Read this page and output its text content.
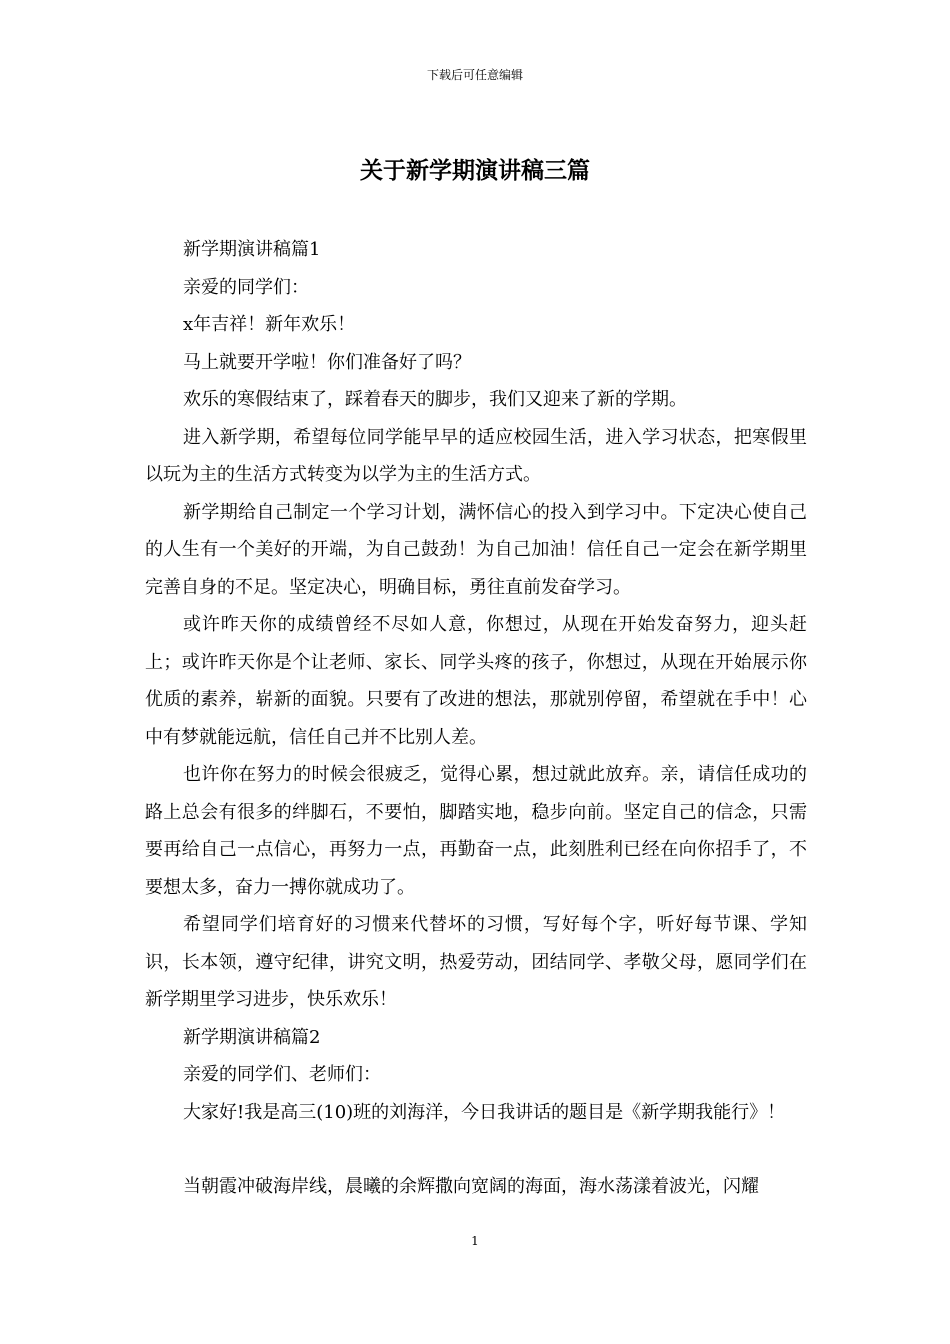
下载后可任意编辑
关于新学期演讲稿三篇

新学期演讲稿篇1

亲爱的同学们：

x年吉祥！新年欢乐！

马上就要开学啦！你们准备好了吗？

欢乐的寒假结束了，踩着春天的脚步，我们又迎来了新的学期。

进入新学期，希望每位同学能早早的适应校园生活，进入学习状态，把寒假里以玩为主的生活方式转变为以学为主的生活方式。

新学期给自己制定一个学习计划，满怀信心的投入到学习中。下定决心使自己的人生有一个美好的开端，为自己鼓劲！为自己加油！信任自己一定会在新学期里完善自身的不足。坚定决心，明确目标，勇往直前发奋学习。

或许昨天你的成绩曾经不尽如人意，你想过，从现在开始发奋努力，迎头赶上；或许昨天你是个让老师、家长、同学头疼的孩子，你想过，从现在开始展示你优质的素养，崭新的面貌。只要有了改进的想法，那就别停留，希望就在手中！心中有梦就能远航，信任自己并不比别人差。

也许你在努力的时候会很疲乏，觉得心累，想过就此放弃。亲，请信任成功的路上总会有很多的绊脚石，不要怕，脚踏实地，稳步向前。坚定自己的信念，只需要再给自己一点信心，再努力一点，再勤奋一点，此刻胜利已经在向你招手了，不要想太多，奋力一搏你就成功了。

希望同学们培育好的习惯来代替坏的习惯，写好每个字，听好每节课、学知识，长本领，遵守纪律，讲究文明，热爱劳动，团结同学、孝敬父母，愿同学们在新学期里学习进步，快乐欢乐！

新学期演讲稿篇2

亲爱的同学们、老师们：

大家好!我是高三(10)班的刘海洋，今日我讲话的题目是《新学期我能行》！

当朝霞冲破海岸线，晨曦的余辉撒向宽阔的海面，海水荡漾着波光，闪耀

1
